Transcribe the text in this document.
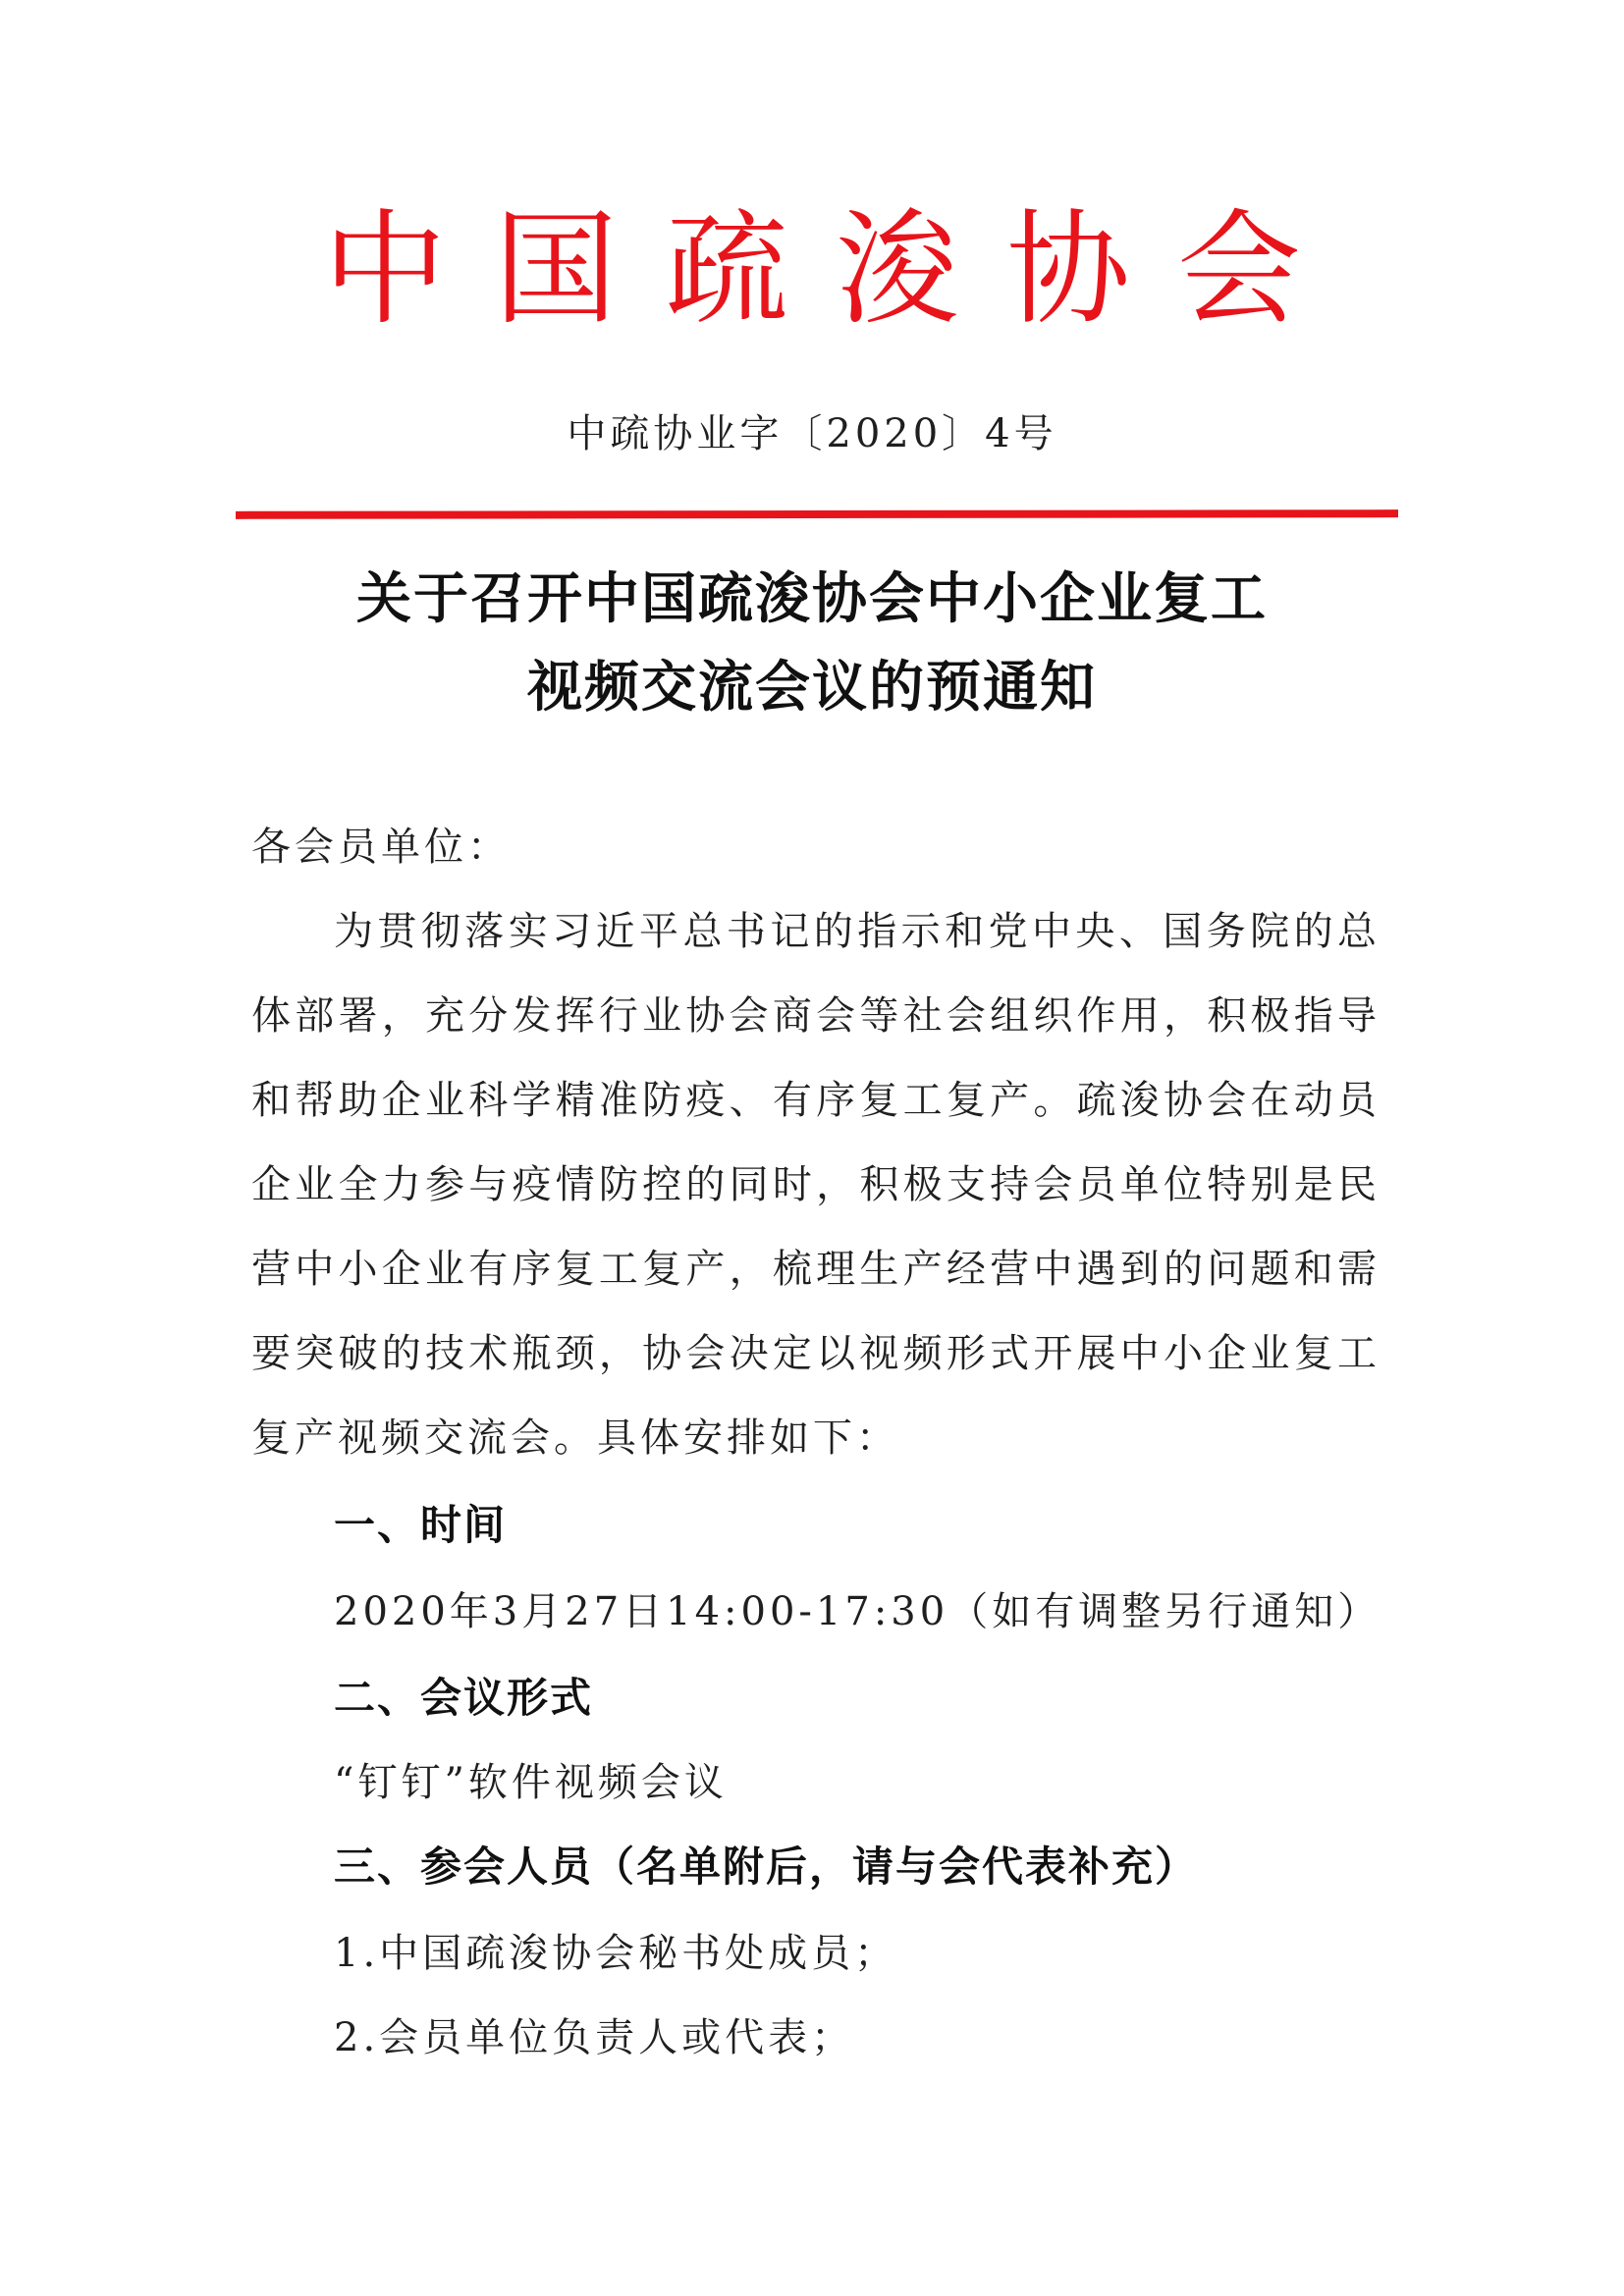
中国疏浚协会
中疏协业字〔2020〕4号
关于召开中国疏浚协会中小企业复工
视频交流会议的预通知
各会员单位：
为贯彻落实习近平总书记的指示和党中央、国务院的总体部署，充分发挥行业协会商会等社会组织作用，积极指导和帮助企业科学精准防疫、有序复工复产。疏浚协会在动员企业全力参与疫情防控的同时，积极支持会员单位特别是民营中小企业有序复工复产，梳理生产经营中遇到的问题和需要突破的技术瓶颈，协会决定以视频形式开展中小企业复工复产视频交流会。具体安排如下：
一、时间
2020年3月27日14:00-17:30（如有调整另行通知）
二、会议形式
“钉钉”软件视频会议
三、参会人员（名单附后，请与会代表补充）
1.中国疏浚协会秘书处成员；
2.会员单位负责人或代表；
